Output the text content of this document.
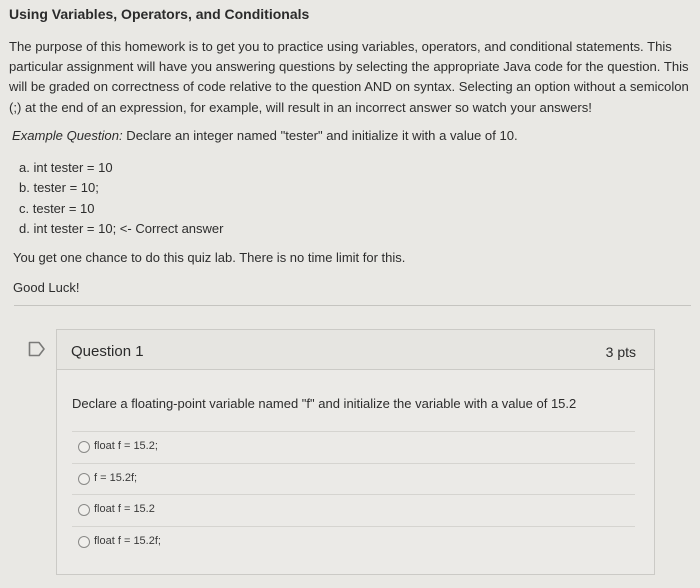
Using Variables, Operators, and Conditionals
The purpose of this homework is to get you to practice using variables, operators, and conditional statements. This particular assignment will have you answering questions by selecting the appropriate Java code for the question. This will be graded on correctness of code relative to the question AND on syntax. Selecting an option without a semicolon (;) at the end of an expression, for example, will result in an incorrect answer so watch your answers!
Example Question: Declare an integer named "tester" and initialize it with a value of 10.
a. int tester = 10
b. tester = 10;
c. tester = 10
d. int tester = 10; <- Correct answer
You get one chance to do this quiz lab. There is no time limit for this.
Good Luck!
Question 1	3 pts
Declare a floating-point variable named "f" and initialize the variable with a value of 15.2
float f = 15.2;
f = 15.2f;
float f = 15.2
float f = 15.2f;
